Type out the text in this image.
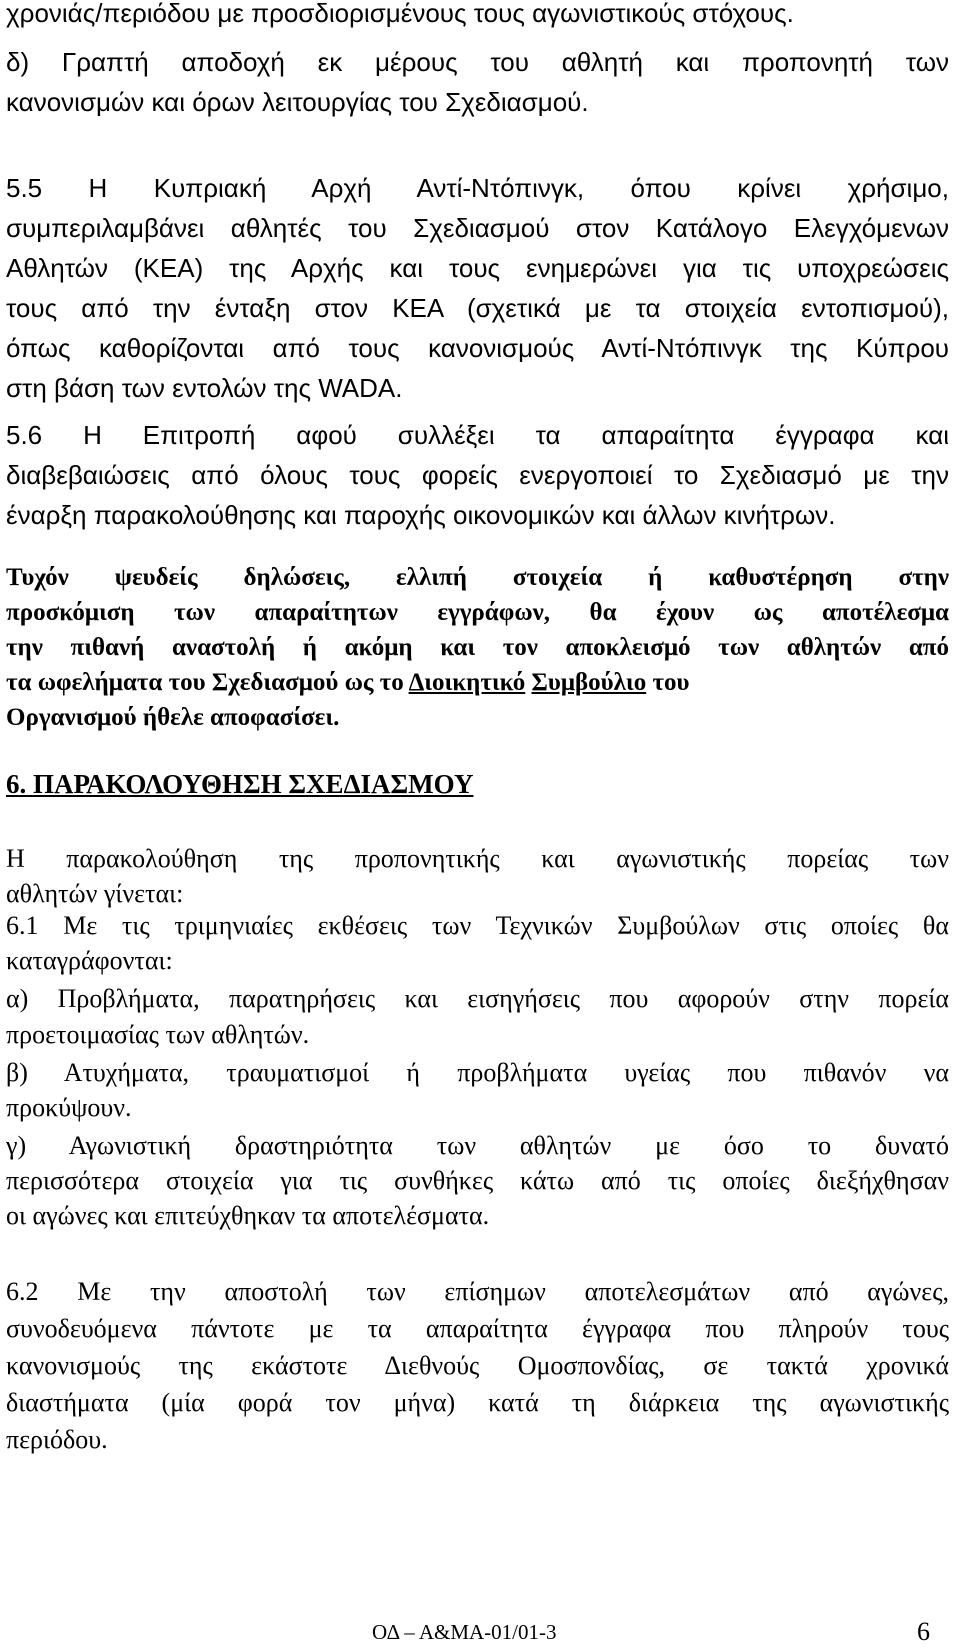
χρονιάς/περιόδου με προσδιορισμένους τους αγωνιστικούς στόχους.
δ) Γραπτή αποδοχή εκ μέρους του αθλητή και προπονητή των
κανονισμών και όρων λειτουργίας του Σχεδιασμού.
5.5 Η Κυπριακή Αρχή Αντί-Ντόπινγκ, όπου κρίνει χρήσιμο,
συμπεριλαμβάνει αθλητές του Σχεδιασμού στον Κατάλογο Ελεγχόμενων
Αθλητών (ΚΕΑ) της Αρχής και τους ενημερώνει για τις υποχρεώσεις
τους από την ένταξη στον ΚΕΑ (σχετικά με τα στοιχεία εντοπισμού),
όπως καθορίζονται από τους κανονισμούς Αντί-Ντόπινγκ της Κύπρου
στη βάση των εντολών της WADA.
5.6 Η Επιτροπή αφού συλλέξει τα απαραίτητα έγγραφα και
διαβεβαιώσεις από όλους τους φορείς ενεργοποιεί το Σχεδιασμό με την
έναρξη παρακολούθησης και παροχής οικονομικών και άλλων κινήτρων.
Τυχόν ψευδείς δηλώσεις, ελλιπή στοιχεία ή καθυστέρηση στην
προσκόμιση των απαραίτητων εγγράφων, θα έχουν ως αποτέλεσμα
την πιθανή αναστολή ή ακόμη και τον αποκλεισμό των αθλητών από
τα ωφελήματα του Σχεδιασμού ως το Διοικητικό Συμβούλιο του
Οργανισμού ήθελε αποφασίσει.
6. ΠΑΡΑΚΟΛΟΥΘΗΣΗ ΣΧΕΔΙΑΣΜΟΥ
Η παρακολούθηση της προπονητικής και αγωνιστικής πορείας των
αθλητών γίνεται:
6.1 Με τις τριμηνιαίες εκθέσεις των Τεχνικών Συμβούλων στις οποίες θα
καταγράφονται:
α) Προβλήματα, παρατηρήσεις και εισηγήσεις που αφορούν στην πορεία
προετοιμασίας των αθλητών.
β) Ατυχήματα, τραυματισμοί ή προβλήματα υγείας που πιθανόν να
προκύψουν.
γ) Αγωνιστική δραστηριότητα των αθλητών με όσο το δυνατό
περισσότερα στοιχεία για τις συνθήκες κάτω από τις οποίες διεξήχθησαν
οι αγώνες και επιτεύχθηκαν τα αποτελέσματα.
6.2 Με την αποστολή των επίσημων αποτελεσμάτων από αγώνες,
συνοδευόμενα πάντοτε με τα απαραίτητα έγγραφα που πληρούν τους
κανονισμούς της εκάστοτε Διεθνούς Ομοσπονδίας, σε τακτά χρονικά
διαστήματα (μία φορά τον μήνα) κατά τη διάρκεια της αγωνιστικής
περιόδου.
ΟΔ – Α&ΜΑ-01/01-3	6
